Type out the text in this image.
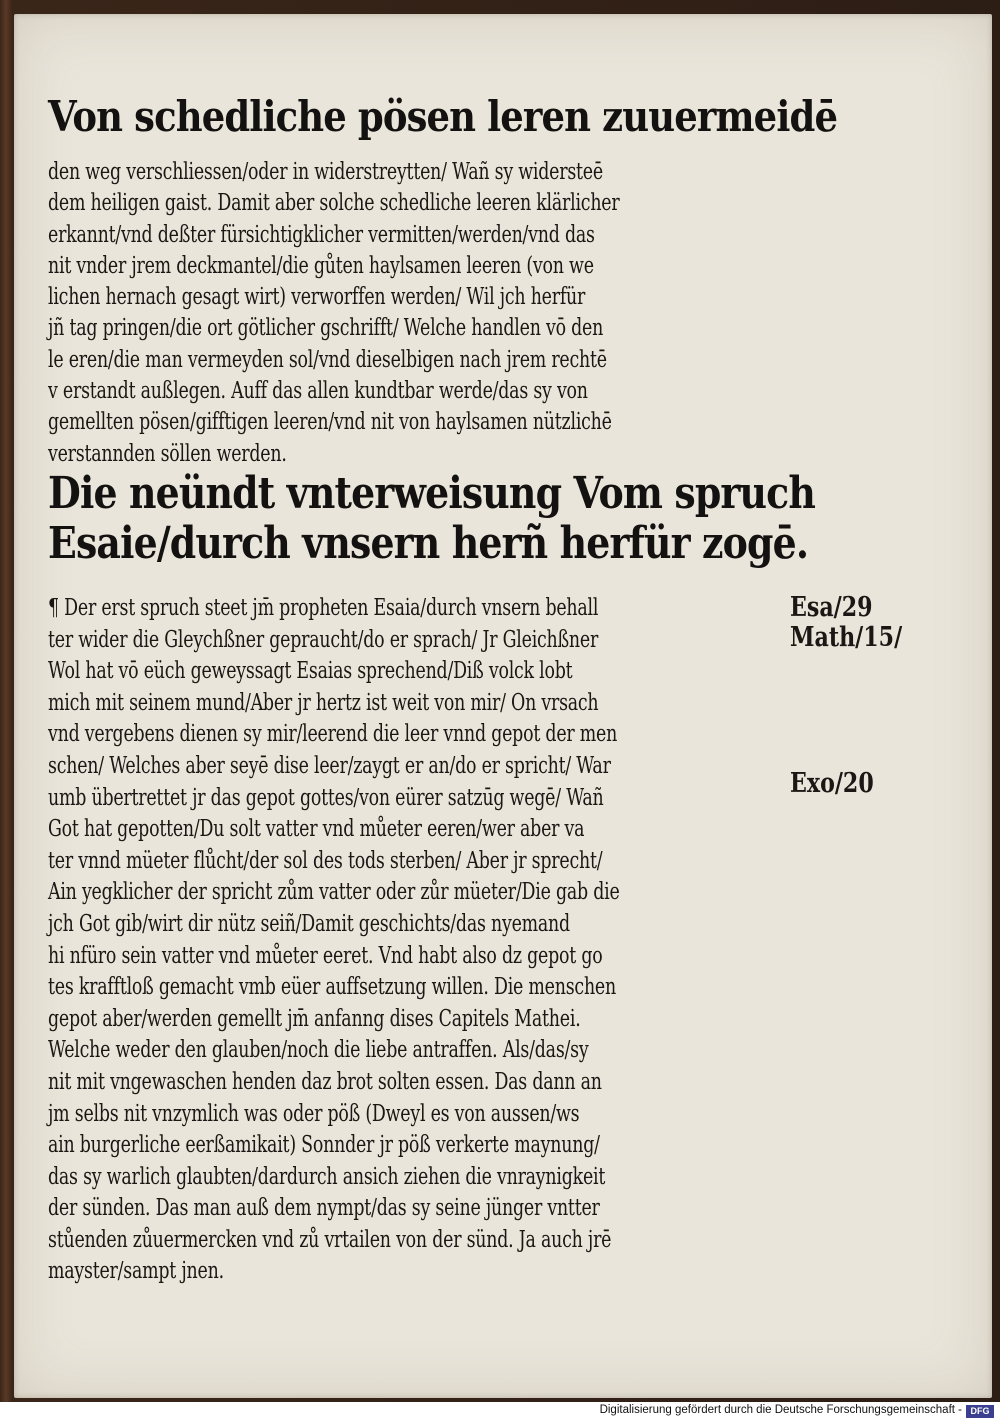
Von schedliche pösen leren zuuermeidē
den weg verschliessen/oder in widerstreytten/ Wañ sy widersteē
dem heiligen gaist. Damit aber solche schedliche leeren klärlicher
erkannt/vnd deßter fürsichtigklicher vermitten/werden/vnd das
nit vnder jrem deckmantel/die gůten haylsamen leeren (von we
lichen hernach gesagt wirt) verworffen werden/ Wil jch herfür
jñ tag pringen/die ort götlicher gschrifft/ Welche handlen vō den
le eren/die man vermeyden sol/vnd dieselbigen nach jrem rechtē
v erstandt außlegen. Auff das allen kundtbar werde/das sy von
gemellten pösen/gifftigen leeren/vnd nit von haylsamen nützlichē
verstannden söllen werden.
Die neündt vnterweisung Vom spruch
Esaie/durch vnsern herñ herfür zogē.
¶ Der erst spruch steet jm̄ propheten Esaia/durch vnsern behall
ter wider die Gleychßner gepraucht/do er sprach/ Jr Gleichßner
Wol hat vō eüch geweyssagt Esaias sprechend/Diß volck lobt
mich mit seinem mund/Aber jr hertz ist weit von mir/ On vrsach
vnd vergebens dienen sy mir/leerend die leer vnnd gepot der men
schen/ Welches aber seyē dise leer/zaygt er an/do er spricht/ War
umb übertrettet jr das gepot gottes/von eürer satzūg wegē/ Wañ
Got hat gepotten/Du solt vatter vnd můeter eeren/wer aber va
ter vnnd müeter flůcht/der sol des tods sterben/ Aber jr sprecht/
Ain yegklicher der spricht zům vatter oder zůr müeter/Die gab die
jch Got gib/wirt dir nütz seiñ/Damit geschichts/das nyemand
hi nfüro sein vatter vnd můeter eeret. Vnd habt also dz gepot go
tes krafftloß gemacht vmb eüer auffsetzung willen. Die menschen
gepot aber/werden gemellt jm̄ anfanng dises Capitels Mathei.
Welche weder den glauben/noch die liebe antraffen. Als/das/sy
nit mit vngewaschen henden daz brot solten essen. Das dann an
jm selbs nit vnzymlich was oder pöß (Dweyl es von aussen/ws
ain burgerliche eerßamikait) Sonnder jr pöß verkerte maynung/
das sy warlich glaubten/dardurch ansich ziehen die vnraynigkeit
der sünden. Das man auß dem nympt/das sy seine jünger vntter
stůenden zůuermercken vnd zů vrtailen von der sünd. Ja auch jrē
mayster/sampt jnen.
Esa/29
Math/15/
Exo/20
Digitalisierung gefördert durch die Deutsche Forschungsgemeinschaft - DFG
